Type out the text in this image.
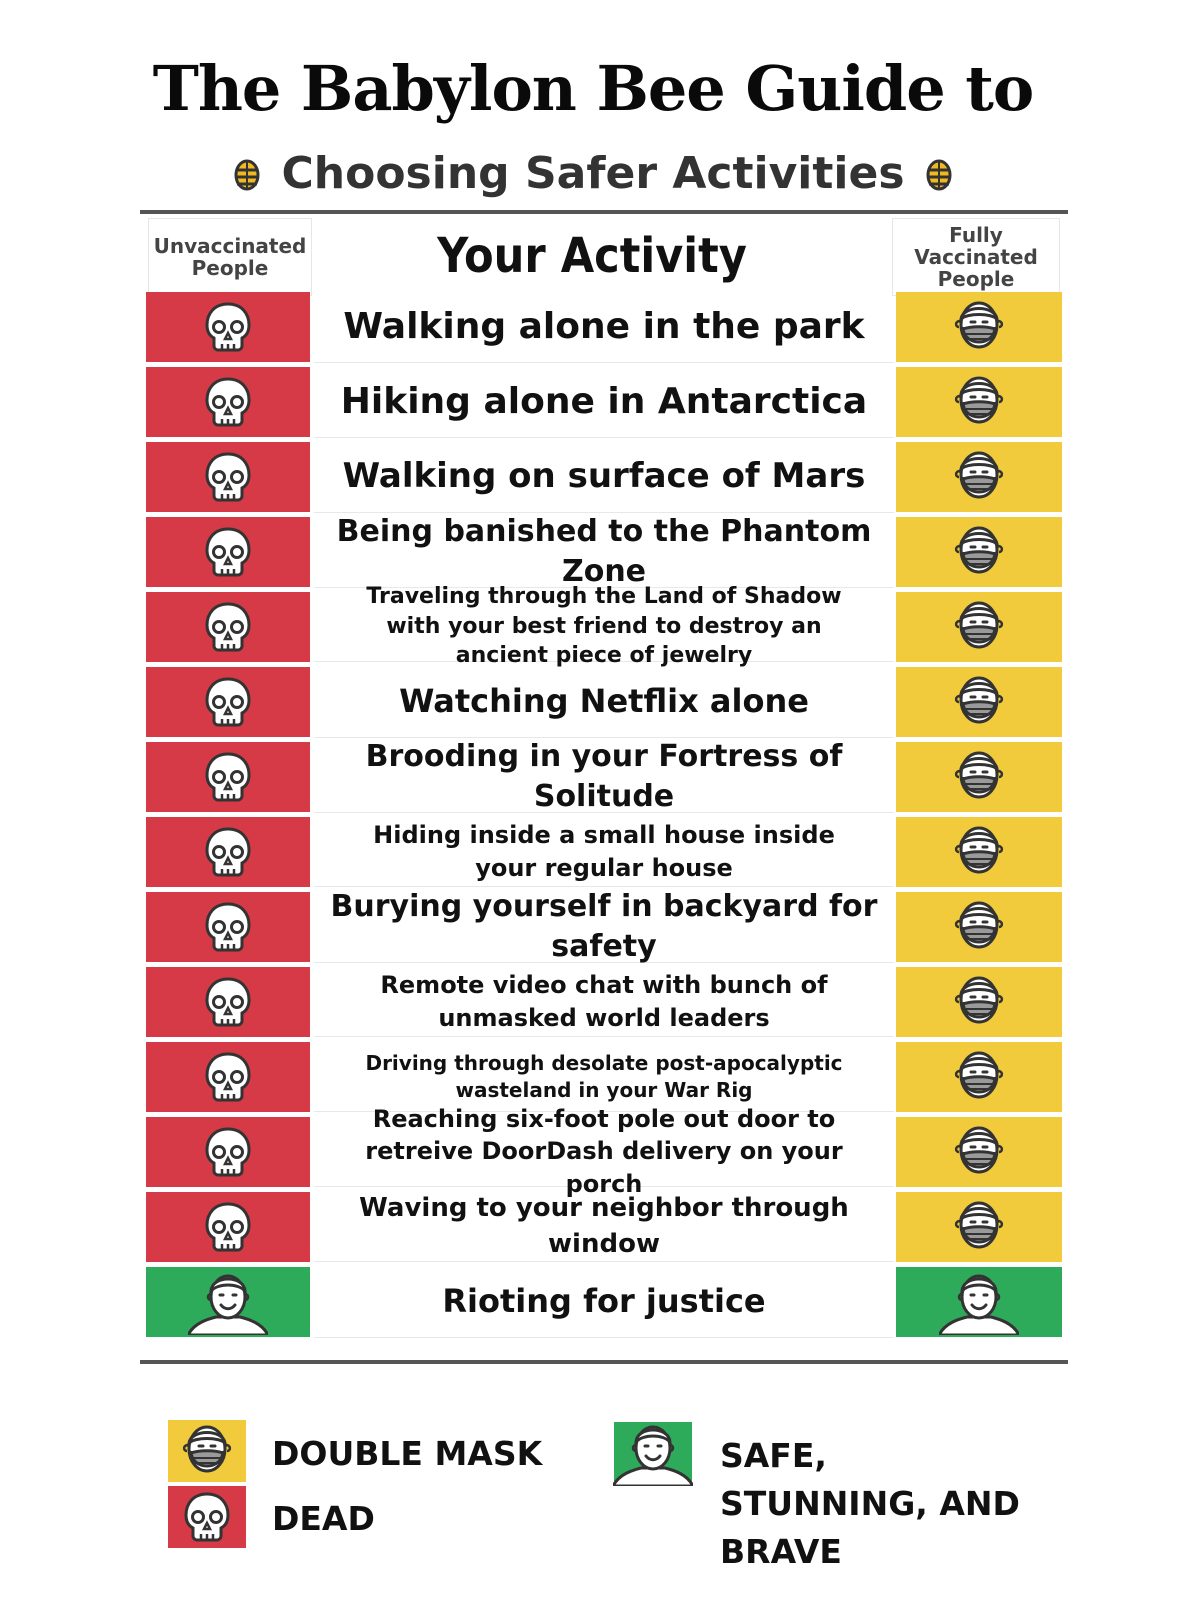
The Babylon Bee Guide to
Choosing Safer Activities
Unvaccinated People	Your Activity	Fully Vaccinated People
Walking alone in the park
Hiking alone in Antarctica
Walking on surface of Mars
Being banished to the Phantom Zone
Traveling through the Land of Shadow with your best friend to destroy an ancient piece of jewelry
Watching Netflix alone
Brooding in your Fortress of Solitude
Hiding inside a small house inside your regular house
Burying yourself in backyard for safety
Remote video chat with bunch of unmasked world leaders
Driving through desolate post-apocalyptic wasteland in your War Rig
Reaching six-foot pole out door to retreive DoorDash delivery on your porch
Waving to your neighbor through window
Rioting for justice
DOUBLE MASK
DEAD
SAFE, STUNNING, AND BRAVE
